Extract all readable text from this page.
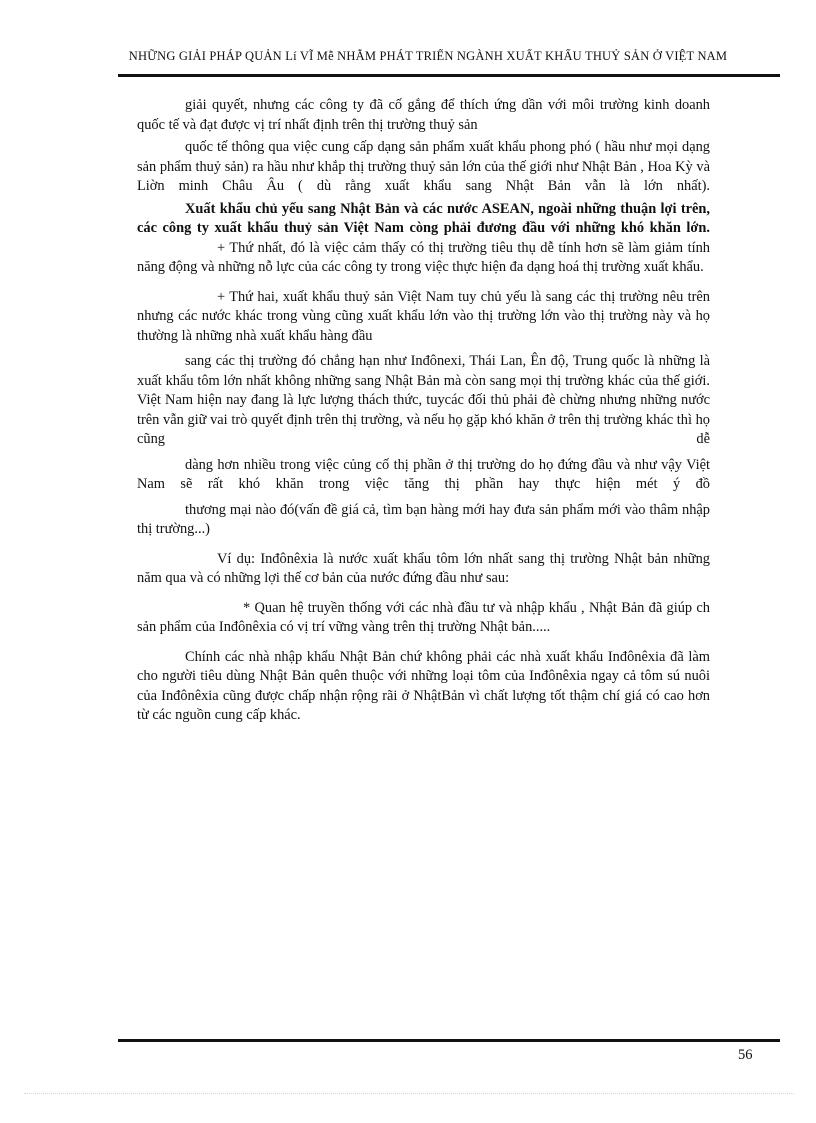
NHỮNG GIẢI PHÁP QUẢN Lí VĨ Mễ NHẰM PHÁT TRIỂN NGÀNH XUẤT KHẨU THUỶ SẢN Ở VIỆT NAM

giải quyết, nhưng các công ty đã cố gắng để thích ứng dần với môi trường kinh doanh quốc tế và đạt được vị trí nhất định trên thị trường thuỷ sản

quốc tế thông qua việc cung cấp dạng sản phẩm xuất khẩu phong phó ( hầu như mọi dạng sản phẩm thuỷ sản) ra hầu như khắp thị trường thuỷ sản lớn của thế giới như Nhật Bản , Hoa Kỳ và Liờn minh Châu Âu ( dù rằng xuất khẩu sang Nhật Bản vẫn là lớn nhất).

Xuất khẩu chủ yếu sang Nhật Bản và các nước ASEAN, ngoài những thuận lợi trên, các công ty xuất khẩu thuỷ sản Việt Nam còng phải đương đầu với những khó khăn lớn.

+ Thứ nhất, đó là việc cảm thấy có thị trường tiêu thụ dễ tính hơn sẽ làm giảm tính năng động và những nỗ lực của các công ty trong việc thực hiện đa dạng hoá thị trường xuất khẩu.

+ Thứ hai, xuất khẩu thuỷ sản Việt Nam tuy chủ yếu là sang các thị trường nêu trên nhưng các nước khác trong vùng cũng xuất khẩu lớn vào thị trường lớn vào thị trường này và họ thường là những nhà xuất khẩu hàng đầu

sang các thị trường đó chẳng hạn như Inđônexi, Thái Lan, Ên độ, Trung quốc là những là xuất khẩu tôm lớn nhất không những sang Nhật Bản mà còn sang mọi thị trường khác của thế giới. Việt Nam hiện nay đang là lực lượng thách thức, tuycác đối thủ phải đè chừng nhưng những nước trên vẫn giữ vai trò quyết định trên thị trường, và nếu họ gặp khó khăn ở trên thị trường khác thì họ cũng dễ

dàng hơn nhiều trong việc củng cố thị phần ở thị trường do họ đứng đầu và như vậy Việt Nam sẽ rất khó khăn trong việc tăng thị phần hay thực hiện mét ý đồ

thương mại nào đó(vấn đề giá cả, tìm bạn hàng mới hay đưa sản phẩm mới vào thâm nhập thị trường...)

Ví dụ: Inđônêxia là nước xuất khẩu tôm lớn nhất sang thị trường Nhật bản những năm qua và có những lợi thế cơ bản của nước đứng đầu như sau:

* Quan hệ truyền thống với các nhà đầu tư và nhập khẩu , Nhật Bản đã giúp ch sản phẩm của Inđônêxia có vị trí vững vàng trên thị trường Nhật bản.....

Chính các nhà nhập khẩu Nhật Bản chứ không phải các nhà xuất khẩu Inđônêxia đã làm cho người tiêu dùng Nhật Bản quên thuộc với những loại tôm của Inđônêxia ngay cả tôm sú nuôi của Inđônêxia cũng được chấp nhận rộng rãi ở NhậtBản vì chất lượng tốt thậm chí giá có cao hơn từ các nguồn cung cấp khác.

56
